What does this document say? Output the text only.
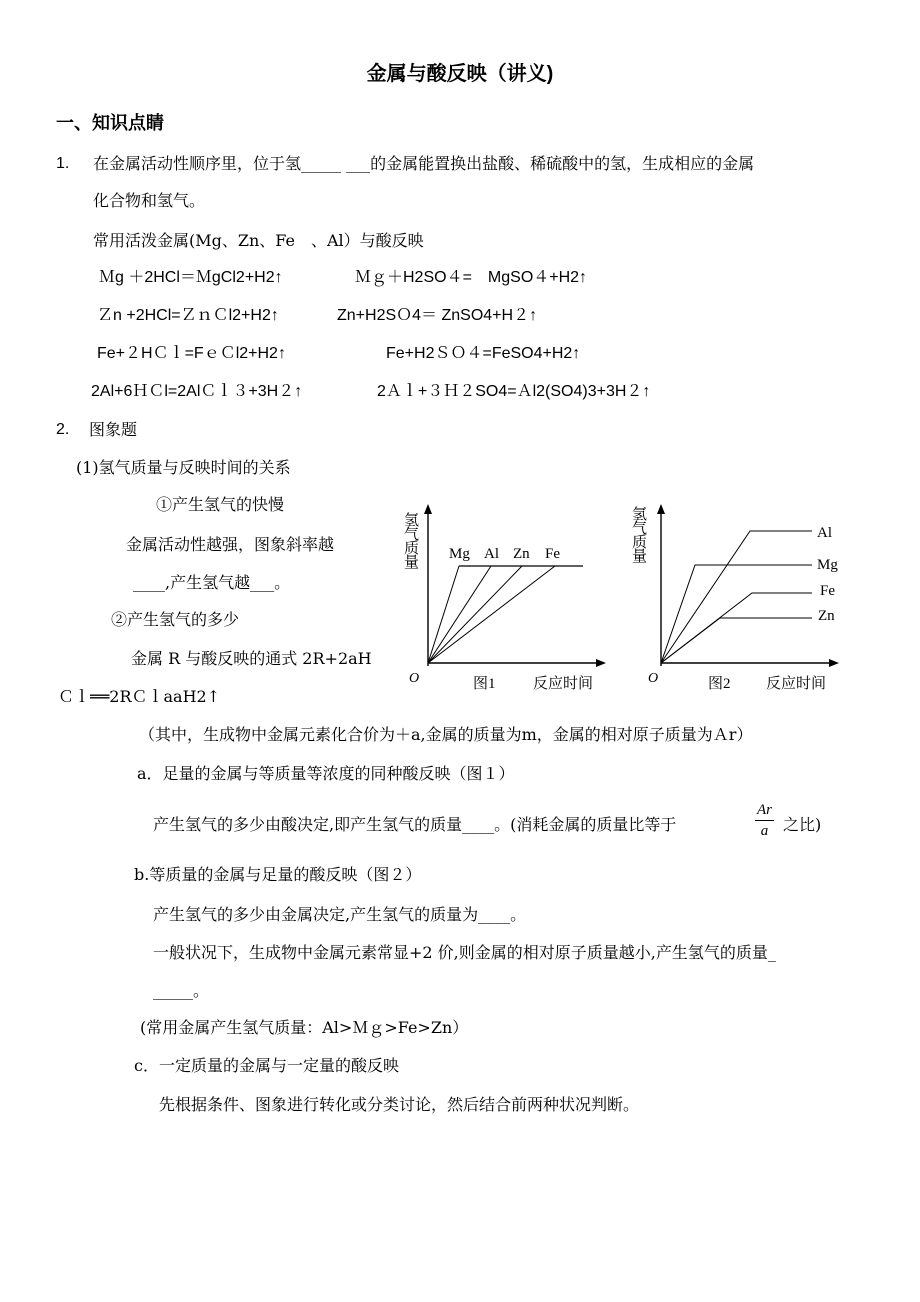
金属与酸反映（讲义)
一、知识点睛
1. 在金属活动性顺序里，位于氢_____ ___的金属能置换出盐酸、稀硫酸中的氢，生成相应的金属
化合物和氢气。
常用活泼金属(Mg、Zn、Fe　、Al）与酸反映
Ｍg ＋2HCl＝ＭgCl2+H2↑	Ｍｇ＋H2SO４=　MgSO４+H2↑
Ｚn +2HCl=ＺｎＣl2+H2↑	Zn+H2SＯ4＝ ZnSO4+H２↑
Fe+２HＣｌ=FｅＣl2+H2↑	Fe+H2ＳＯ４=FeSO4+H2↑
2Al+6ＨＣl=2AlＣｌ３+3H２↑	2Ａｌ+３Ｈ２SO4=Ａl2(SO4)3+3H２↑
2. 图象题
(1)氢气质量与反映时间的关系
①产生氢气的快慢
金属活动性越强，图象斜率越
____,产生氢气越___。
②产生氢气的多少
金属 R 与酸反映的通式 2R+2aH
Ｃｌ══2RＣｌaaH2↑
（其中，生成物中金属元素化合价为＋a,金属的质量为m，金属的相对原子质量为Ａr）
a．足量的金属与等质量等浓度的同种酸反映（图１）
产生氢气的多少由酸决定,即产生氢气的质量____。(消耗金属的质量比等于	$\frac{Ar}{a}$ 之比)
b.等质量的金属与足量的酸反映（图２）
产生氢气的多少由金属决定,产生氢气的质量为____。
一般状况下，生成物中金属元素常显+2 价,则金属的相对原子质量越小,产生氢气的质量_
_____。
(常用金属产生氢气质量：Al>Ｍｇ>Fe>Zn）
c．一定质量的金属与一定量的酸反映
先根据条件、图象进行转化或分类讨论，然后结合前两种状况判断。
Mg Al Zn Fe
O	图1 反应时间
氢气质量	Al
Mg
Fe
Zn
O	图2 反应时间
氢气质量
